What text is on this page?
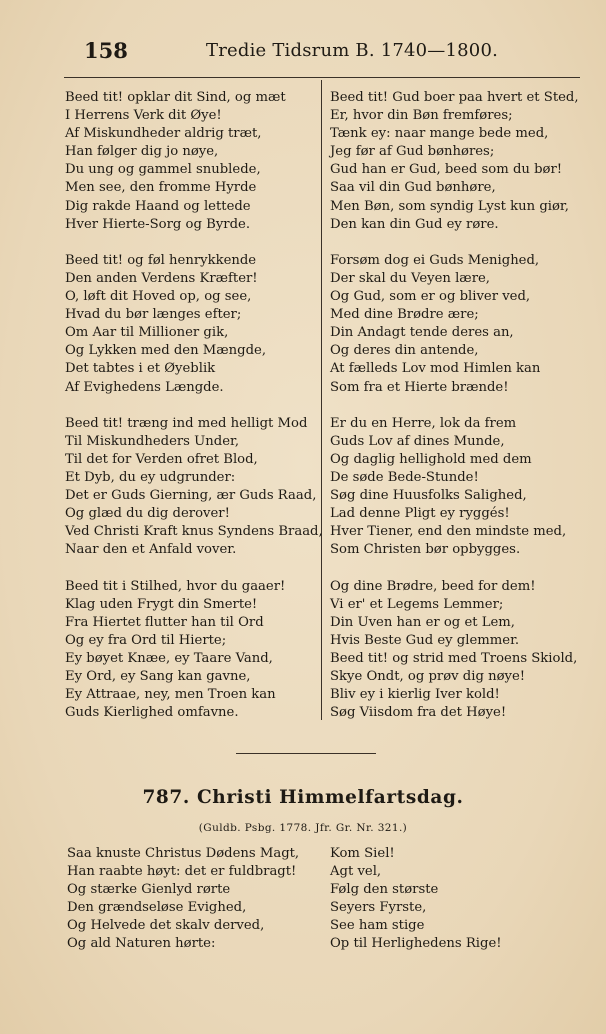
158	Tredie Tidsrum B. 1740—1800.
Beed tit! opklar dit Sind, og mæt
I Herrens Verk dit Øye!
Af Miskundheder aldrig træt,
Han følger dig jo nøye,
Du ung og gammel snublede,
Men see, den fromme Hyrde
Dig rakde Haand og lettede
Hver Hierte-Sorg og Byrde.
Beed tit! og føl henrykkende
Den anden Verdens Kræfter!
O, løft dit Hoved op, og see,
Hvad du bør længes efter;
Om Aar til Millioner gik,
Og Lykken med den Mængde,
Det tabtes i et Øyeblik
Af Evighedens Længde.
Beed tit! træng ind med helligt Mod
Til Miskundheders Under,
Til det for Verden ofret Blod,
Et Dyb, du ey udgrunder:
Det er Guds Gierning, ær Guds Raad,
Og glæd du dig derover!
Ved Christi Kraft knus Syndens Braad,
Naar den et Anfald vover.
Beed tit i Stilhed, hvor du gaaer!
Klag uden Frygt din Smerte!
Fra Hiertet flutter han til Ord
Og ey fra Ord til Hierte;
Ey bøyet Knæe, ey Taare Vand,
Ey Ord, ey Sang kan gavne,
Ey Attraae, ney, men Troen kan
Guds Kierlighed omfavne.
Beed tit! Gud boer paa hvert et Sted,
Er, hvor din Bøn fremføres;
Tænk ey: naar mange bede med,
Jeg før af Gud bønhøres;
Gud han er Gud, beed som du bør!
Saa vil din Gud bønhøre,
Men Bøn, som syndig Lyst kun giør,
Den kan din Gud ey røre.
Forsøm dog ei Guds Menighed,
Der skal du Veyen lære,
Og Gud, som er og bliver ved,
Med dine Brødre ære;
Din Andagt tende deres an,
Og deres din antende,
At fælleds Lov mod Himlen kan
Som fra et Hierte brænde!
Er du en Herre, lok da frem
Guds Lov af dines Munde,
Og daglig hellighold med dem
De søde Bede-Stunde!
Søg dine Huusfolks Salighed,
Lad denne Pligt ey ryggés!
Hver Tiener, end den mindste med,
Som Christen bør opbygges.
Og dine Brødre, beed for dem!
Vi er' et Legems Lemmer;
Din Uven han er og et Lem,
Hvis Beste Gud ey glemmer.
Beed tit! og strid med Troens Skiold,
Skye Ondt, og prøv dig nøye!
Bliv ey i kierlig Iver kold!
Søg Viisdom fra det Høye!
787. Christi Himmelfartsdag.
(Guldb. Psbg. 1778. Jfr. Gr. Nr. 321.)
Saa knuste Christus Dødens Magt,
Han raabte høyt: det er fuldbragt!
Og stærke Gienlyd rørte
Den grændseløse Evighed,
Og Helvede det skalv derved,
Og ald Naturen hørte:
Kom Siel!
Agt vel,
Følg den største
Seyers Fyrste,
See ham stige
Op til Herlighedens Rige!
